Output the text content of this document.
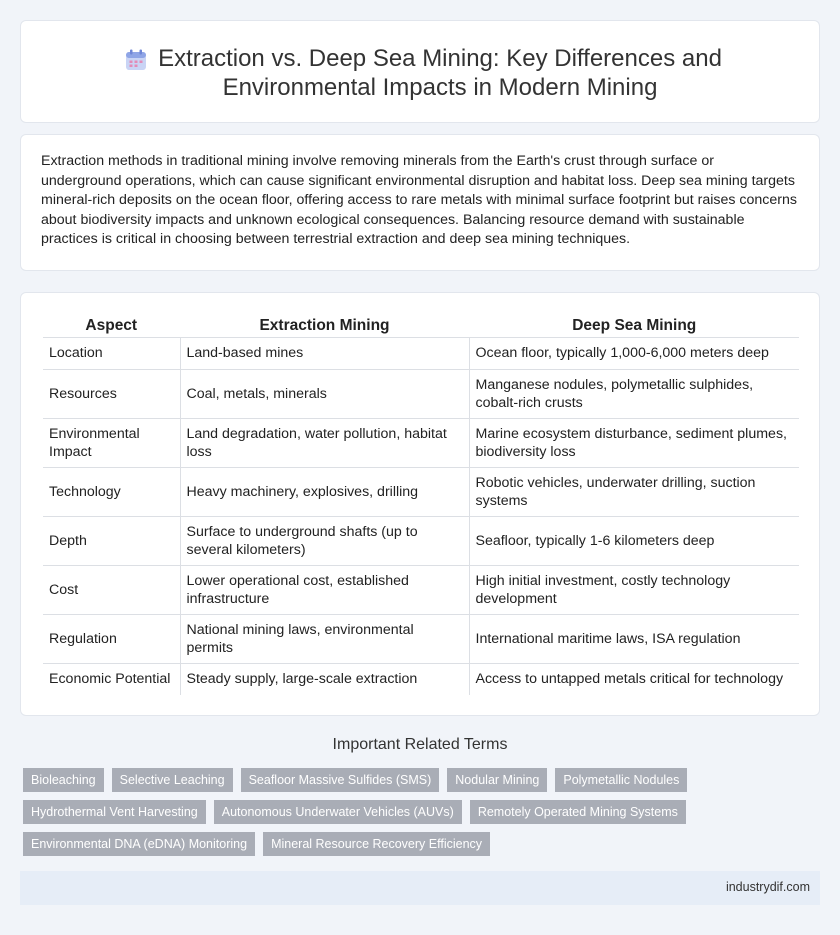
Extraction vs. Deep Sea Mining: Key Differences and Environmental Impacts in Modern Mining

Extraction methods in traditional mining involve removing minerals from the Earth's crust through surface or underground operations, which can cause significant environmental disruption and habitat loss. Deep sea mining targets mineral-rich deposits on the ocean floor, offering access to rare metals with minimal surface footprint but raises concerns about biodiversity impacts and unknown ecological consequences. Balancing resource demand with sustainable practices is critical in choosing between terrestrial extraction and deep sea mining techniques.

Aspect	Extraction Mining	Deep Sea Mining
Location	Land-based mines	Ocean floor, typically 1,000-6,000 meters deep
Resources	Coal, metals, minerals	Manganese nodules, polymetallic sulphides, cobalt-rich crusts
Environmental Impact	Land degradation, water pollution, habitat loss	Marine ecosystem disturbance, sediment plumes, biodiversity loss
Technology	Heavy machinery, explosives, drilling	Robotic vehicles, underwater drilling, suction systems
Depth	Surface to underground shafts (up to several kilometers)	Seafloor, typically 1-6 kilometers deep
Cost	Lower operational cost, established infrastructure	High initial investment, costly technology development
Regulation	National mining laws, environmental permits	International maritime laws, ISA regulation
Economic Potential	Steady supply, large-scale extraction	Access to untapped metals critical for technology
Important Related Terms
Bioleaching	Selective Leaching	Seafloor Massive Sulfides (SMS)	Nodular Mining	Polymetallic Nodules
Hydrothermal Vent Harvesting	Autonomous Underwater Vehicles (AUVs)	Remotely Operated Mining Systems
Environmental DNA (eDNA) Monitoring	Mineral Resource Recovery Efficiency
industrydif.com
